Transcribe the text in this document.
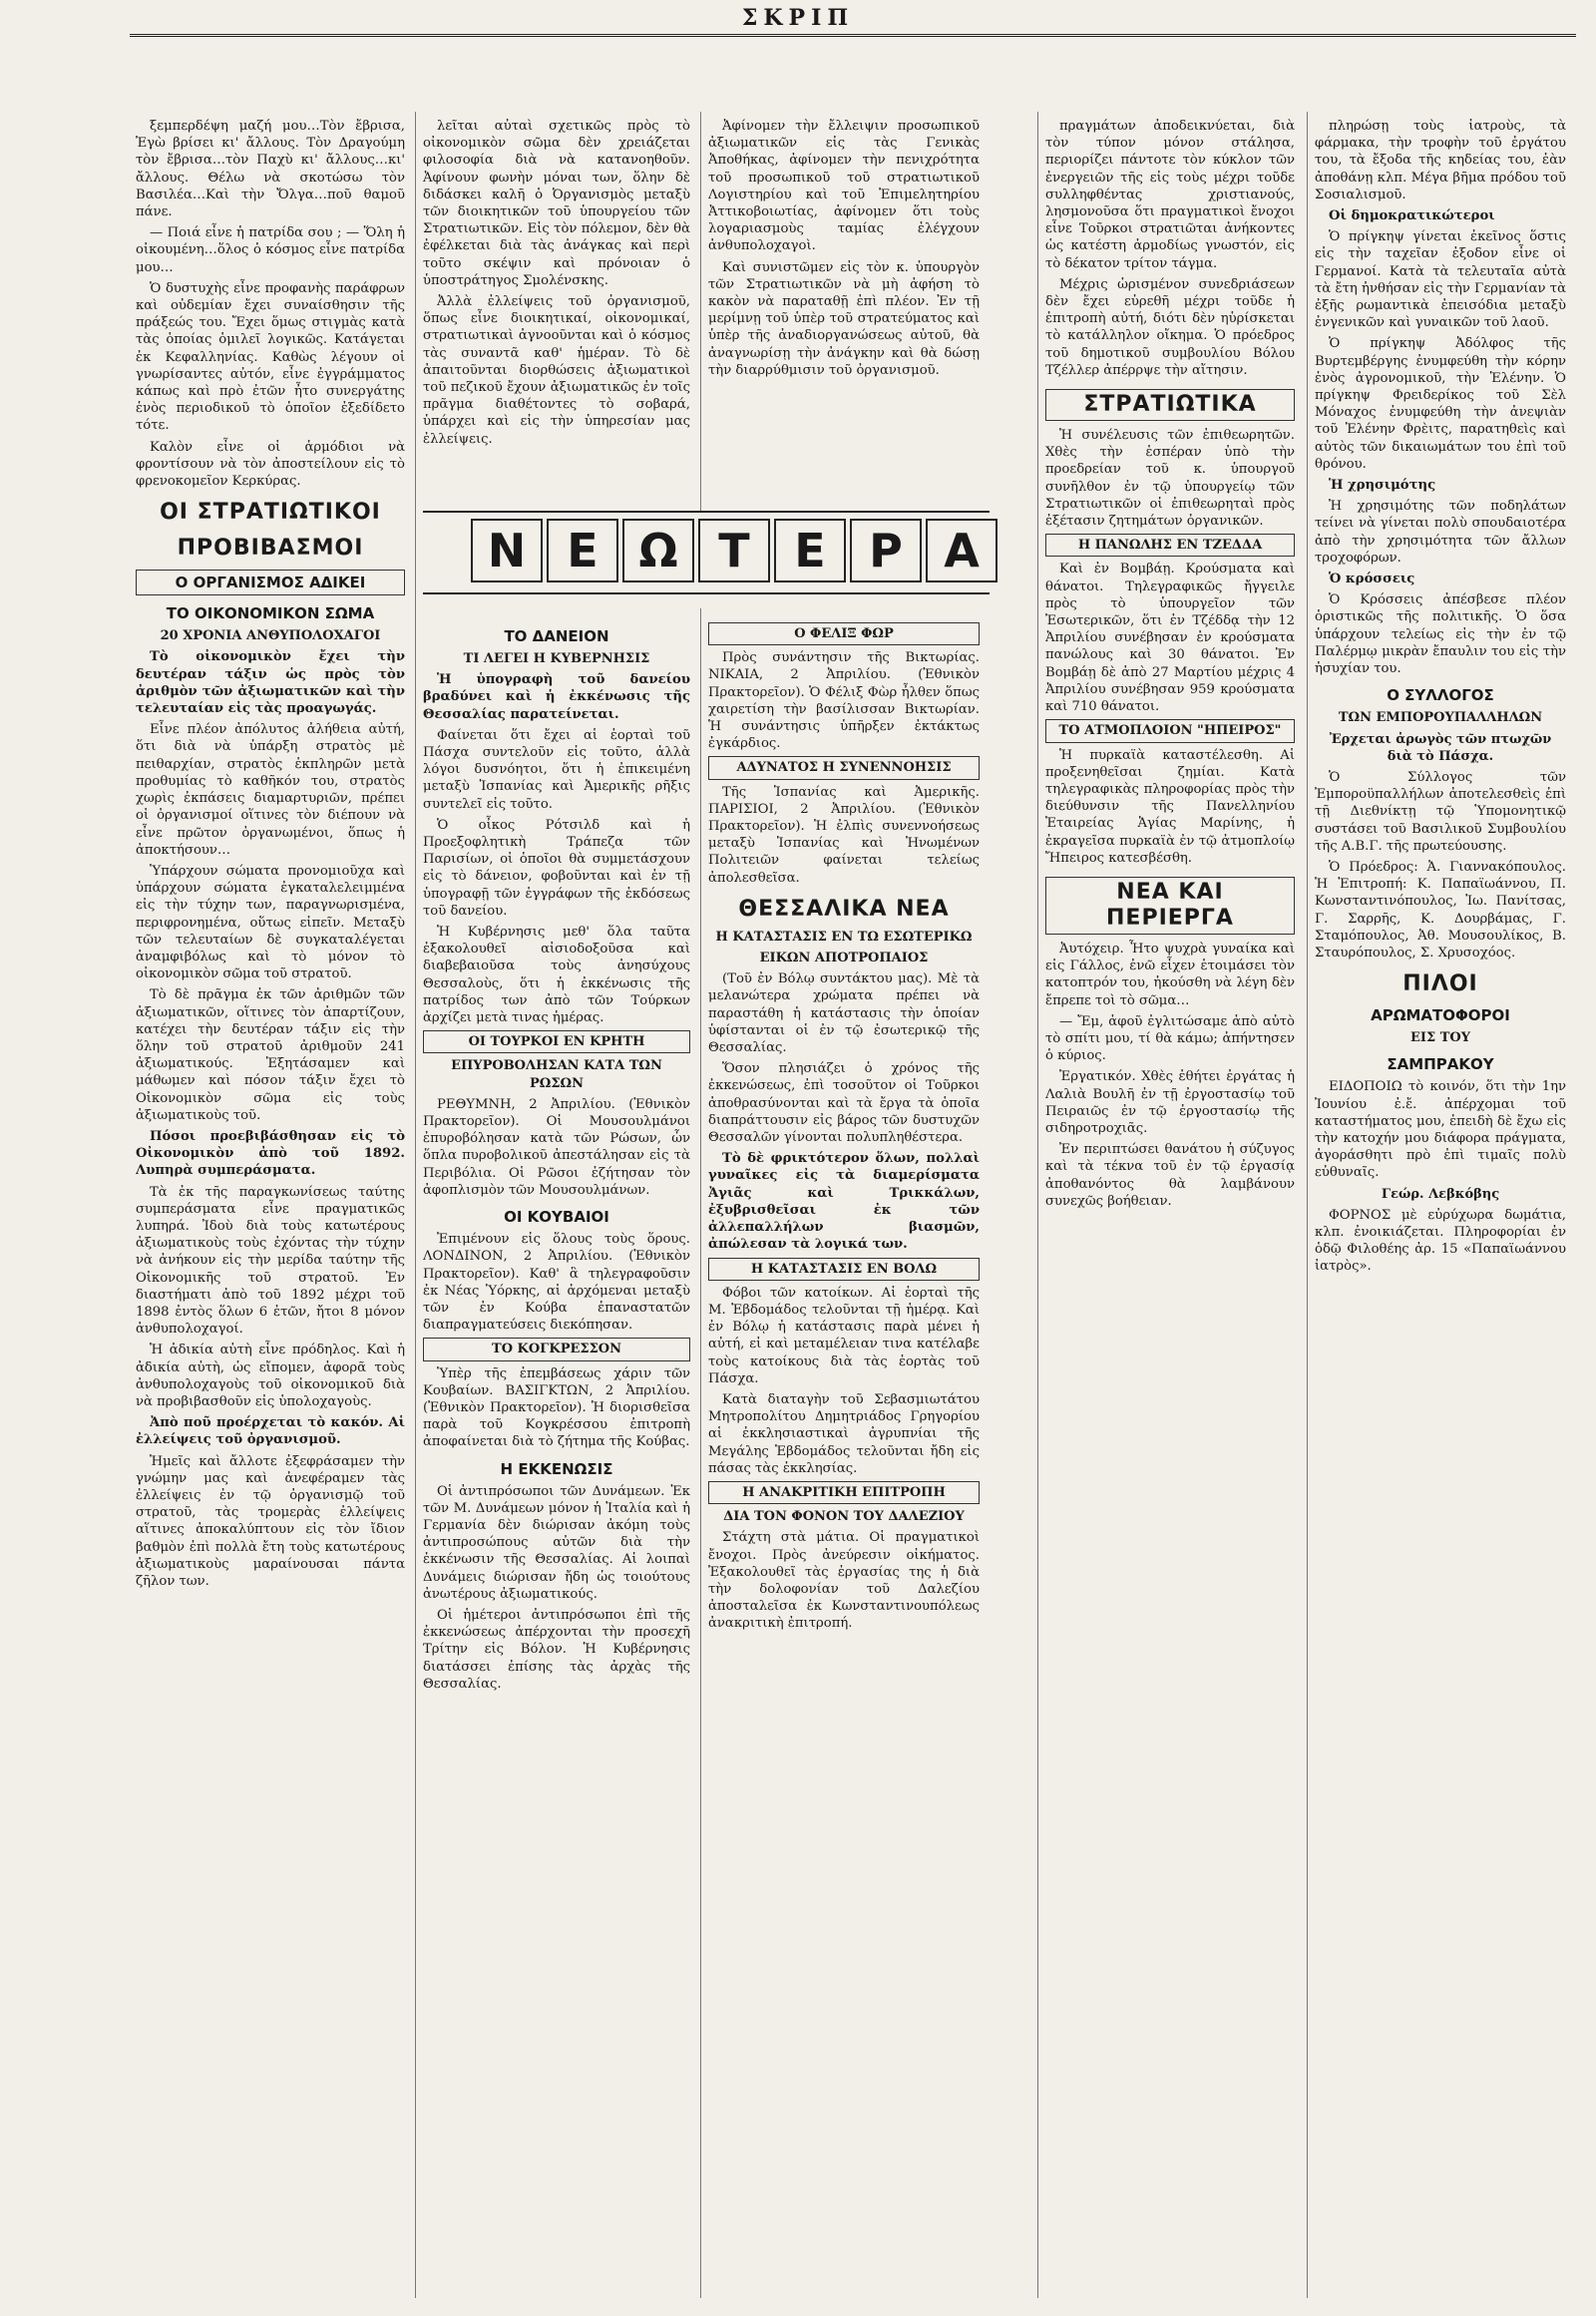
ΣΚΡΙΠ

ξεμπερδέψη μαζή μου…Τὸν ἔβρισα, Ἐγὼ βρίσει κι' ἄλλους. Τὸν Δραγούμη τὸν ἔβρισα…τὸν Παχὺ κι' ἄλλους…κι' ἄλλους. Θέλω νὰ σκοτώσω τὸν Βασιλέα…Καὶ τὴν Ὄλγα…ποῦ θαμοῦ πάνε.

— Ποιά εἶνε ἡ πατρίδα σου ; — Ὅλη ἡ οἰκουμένη…ὅλος ὁ κόσμος εἶνε πατρίδα μου…

Ὁ δυστυχὴς εἶνε προφανὴς παράφρων καὶ οὐδεμίαν ἔχει συναίσθησιν τῆς πράξεώς του. Ἔχει ὅμως στιγμὰς κατὰ τὰς ὁποίας ὁμιλεῖ λογικῶς. Κατάγεται ἐκ Κεφαλληνίας. Καθὼς λέγουν οἱ γνωρίσαντες αὐτόν, εἶνε ἐγγράμματος κάπως καὶ πρὸ ἐτῶν ἦτο συνεργάτης ἑνὸς περιοδικοῦ τὸ ὁποῖον ἐξεδίδετο τότε.

Καλὸν εἶνε οἱ ἁρμόδιοι νὰ φροντίσουν νὰ τὸν ἀποστείλουν εἰς τὸ φρενοκομεῖον Κερκύρας.

ΟΙ ΣΤΡΑΤΙΩΤΙΚΟΙ
ΠΡΟΒΙΒΑΣΜΟΙ
Ο ΟΡΓΑΝΙΣΜΟΣ ΑΔΙΚΕΙ
ΤΟ ΟΙΚΟΝΟΜΙΚΟΝ ΣΩΜΑ
20 ΧΡΟΝΙΑ ΑΝΘΥΠΟΛΟΧΑΓΟΙ

Τὸ οἰκονομικὸν ἔχει τὴν δευτέραν τάξιν ὡς πρὸς τὸν ἀριθμὸν τῶν ἀξιωματικῶν καὶ τὴν τελευταίαν εἰς τὰς προαγωγάς.

Εἶνε πλέον ἀπόλυτος ἀλήθεια αὐτή, ὅτι διὰ νὰ ὑπάρξη στρατὸς μὲ πειθαρχίαν, στρατὸς ἐκπληρῶν μετὰ προθυμίας τὸ καθῆκόν του, στρατὸς χωρὶς ἐκπάσεις διαμαρτυριῶν, πρέπει οἱ ὀργανισμοί οἵτινες τὸν διέπουν νὰ εἶνε πρῶτον ὀργανωμένοι, ὅπως ἡ ἀποκτήσουν…

Ὑπάρχουν σώματα προνομιοῦχα καὶ ὑπάρχουν σώματα ἐγκαταλελειμμένα εἰς τὴν τύχην των, παραγνωρισμένα, περιφρονημένα, οὕτως εἰπεῖν. Μεταξὺ τῶν τελευταίων δὲ συγκαταλέγεται ἀναμφιβόλως καὶ τὸ μόνον τὸ οἰκονομικὸν σῶμα τοῦ στρατοῦ.

Τὸ δὲ πρᾶγμα ἐκ τῶν ἀριθμῶν τῶν ἀξιωματικῶν, οἵτινες τὸν ἀπαρτίζουν, κατέχει τὴν δευτέραν τάξιν εἰς τὴν ὅλην τοῦ στρατοῦ ἀριθμοῦν 241 ἀξιωματικούς. Ἐξητάσαμεν καὶ μάθωμεν καὶ πόσον τάξιν ἔχει τὸ Οἰκονομικὸν σῶμα εἰς τοὺς ἀξιωματικοὺς τοῦ.

Πόσοι προεβιβάσθησαν εἰς τὸ Οἰκονομικὸν ἀπὸ τοῦ 1892. Λυπηρὰ συμπεράσματα.

Τὰ ἐκ τῆς παραγκωνίσεως ταύτης συμπεράσματα εἶνε πραγματικῶς λυπηρά. Ἰδοὺ διὰ τοὺς κατωτέρους ἀξιωματικοὺς τοὺς ἐχόντας τὴν τύχην νὰ ἀνήκουν εἰς τὴν μερίδα ταύτην τῆς Οἰκονομικῆς τοῦ στρατοῦ. Ἐν διαστήματι ἀπὸ τοῦ 1892 μέχρι τοῦ 1898 ἐντὸς ὅλων 6 ἐτῶν, ἤτοι 8 μόνον ἀνθυπολοχαγοί.

Ἡ ἀδικία αὐτὴ εἶνε πρόδηλος. Καὶ ἡ ἀδικία αὐτὴ, ὡς εἴπομεν, ἀφορᾶ τοὺς ἀνθυπολοχαγοὺς τοῦ οἰκονομικοῦ διὰ νὰ προβιβασθοῦν εἰς ὑπολοχαγοὺς.

Ἀπὸ ποῦ προέρχεται τὸ κακόν. Αἱ ἐλλείψεις τοῦ ὀργανισμοῦ.

Ἡμεῖς καὶ ἄλλοτε ἐξεφράσαμεν τὴν γνώμην μας καὶ ἀνεφέραμεν τὰς ἐλλείψεις ἐν τῷ ὀργανισμῷ τοῦ στρατοῦ, τὰς τρομερὰς ἐλλείψεις αἵτινες ἀποκαλύπτουν εἰς τὸν ἴδιον βαθμὸν ἐπὶ πολλὰ ἔτη τοὺς κατωτέρους ἀξιωματικοὺς μαραίνουσαι πάντα ζῆλον των.

λεῖται αὐταὶ σχετικῶς πρὸς τὸ οἰκονομικὸν σῶμα δὲν χρειάζεται φιλοσοφία διὰ νὰ κατανοηθοῦν. Ἀφίνουν φωνὴν μόναι των, ὅλην δὲ διδάσκει καλῆ ὁ Ὀργανισμὸς μεταξὺ τῶν διοικητικῶν τοῦ ὑπουργείου τῶν Στρατιωτικῶν. Εἰς τὸν πόλεμον, δὲν θὰ ἐφέλκεται διὰ τὰς ἀνάγκας καὶ περὶ τοῦτο σκέψιν καὶ πρόνοιαν ὁ ὑποστράτηγος Σμολένσκης.

Ἀλλὰ ἐλλείψεις τοῦ ὀργανισμοῦ, ὅπως εἶνε διοικητικαί, οἰκονομικαί, στρατιωτικαὶ ἀγνοοῦνται καὶ ὁ κόσμος τὰς συναντᾶ καθ' ἡμέραν. Τὸ δὲ ἀπαιτοῦνται διορθώσεις ἀξιωματικοὶ τοῦ πεζικοῦ ἔχουν ἀξιωματικῶς ἐν τοῖς πρᾶγμα διαθέτοντες τὸ σοβαρά, ὑπάρχει καὶ εἰς τὴν ὑπηρεσίαν μας ἐλλείψεις.

Ἀφίνομεν τὴν ἔλλειψιν προσωπικοῦ ἀξιωματικῶν εἰς τὰς Γενικὰς Ἀποθήκας, ἀφίνομεν τὴν πενιχρότητα τοῦ προσωπικοῦ τοῦ στρατιωτικοῦ Λογιστηρίου καὶ τοῦ Ἐπιμελητηρίου Ἀττικοβοιωτίας, ἀφίνομεν ὅτι τοὺς λογαριασμοὺς ταμίας ἐλέγχουν ἀνθυπολοχαγοὶ.

Καὶ συνιστῶμεν εἰς τὸν κ. ὑπουργὸν τῶν Στρατιωτικῶν νὰ μὴ ἀφήση τὸ κακὸν νὰ παραταθῇ ἐπὶ πλέον. Ἐν τῇ μερίμνῃ τοῦ ὑπὲρ τοῦ στρατεύματος καὶ ὑπὲρ τῆς ἀναδιοργανώσεως αὐτοῦ, θὰ ἀναγνωρίσῃ τὴν ἀνάγκην καὶ θὰ δώσῃ τὴν διαρρύθμισιν τοῦ ὀργανισμοῦ.

Ν Ε Ω Τ Ε Ρ Α
ΤΟ ΔΑΝΕΙΟΝ
ΤΙ ΛΕΓΕΙ Η ΚΥΒΕΡΝΗΣΙΣ

Ἡ ὑπογραφὴ τοῦ δανείου βραδύνει καὶ ἡ ἐκκένωσις τῆς Θεσσαλίας παρατείνεται.

Φαίνεται ὅτι ἔχει αἱ ἑορταὶ τοῦ Πάσχα συντελοῦν εἰς τοῦτο, ἀλλὰ λόγοι δυσνόητοι, ὅτι ἡ ἐπικειμένη μεταξὺ Ἱσπανίας καὶ Ἀμερικῆς ρῆξις συντελεῖ εἰς τοῦτο.

Ὁ οἶκος Ρότσιλδ καὶ ἡ Προεξοφλητικὴ Τράπεζα τῶν Παρισίων, οἱ ὁποῖοι θὰ συμμετάσχουν εἰς τὸ δάνειον, φοβοῦνται καὶ ἐν τῇ ὑπογραφῇ τῶν ἐγγράφων τῆς ἐκδόσεως τοῦ δανείου.

Ἡ Κυβέρνησις μεθ' ὅλα ταῦτα ἐξακολουθεῖ αἰσιοδοξοῦσα καὶ διαβεβαιοῦσα τοὺς ἀνησύχους Θεσσαλοὺς, ὅτι ἡ ἐκκένωσις τῆς πατρίδος των ἀπὸ τῶν Τούρκων ἀρχίζει μετὰ τινας ἡμέρας.

ΟΙ ΤΟΥΡΚΟΙ ΕΝ ΚΡΗΤΗ
ΕΠΥΡΟΒΟΛΗΣΑΝ ΚΑΤΑ ΤΩΝ ΡΩΣΩΝ

ΡΕΘΥΜΝΗ, 2 Ἀπριλίου. (Ἐθνικὸν Πρακτορεῖον). Οἱ Μουσουλμάνοι ἐπυροβόλησαν κατὰ τῶν Ρώσων, ὧν ὅπλα πυροβολικοῦ ἀπεστάλησαν εἰς τὰ Περιβόλια. Οἱ Ρῶσοι ἐζήτησαν τὸν ἀφοπλισμὸν τῶν Μουσουλμάνων.

ΟΙ ΚΟΥΒΑΙΟΙ

Ἐπιμένουν εἰς ὅλους τοὺς ὅρους. ΛΟΝΔΙΝΟΝ, 2 Ἀπριλίου. (Ἐθνικὸν Πρακτορεῖον). Καθ' ἃ τηλεγραφοῦσιν ἐκ Νέας Ὑόρκης, αἱ ἀρχόμεναι μεταξὺ τῶν ἐν Κούβα ἐπαναστατῶν διαπραγματεύσεις διεκόπησαν.

ΤΟ ΚΟΓΚΡΕΣΣΟΝ

Ὑπὲρ τῆς ἐπεμβάσεως χάριν τῶν Κουβαίων. ΒΑΣΙΓΚΤΩΝ, 2 Ἀπριλίου. (Ἐθνικὸν Πρακτορεῖον). Ἡ διορισθεῖσα παρὰ τοῦ Κογκρέσσου ἐπιτροπὴ ἀποφαίνεται διὰ τὸ ζήτημα τῆς Κούβας.

Η ΕΚΚΕΝΩΣΙΣ

Οἱ ἀντιπρόσωποι τῶν Δυνάμεων. Ἐκ τῶν Μ. Δυνάμεων μόνον ἡ Ἰταλία καὶ ἡ Γερμανία δὲν διώρισαν ἀκόμη τοὺς ἀντιπροσώπους αὐτῶν διὰ τὴν ἐκκένωσιν τῆς Θεσσαλίας. Αἱ λοιπαὶ Δυνάμεις διώρισαν ἤδη ὡς τοιούτους ἀνωτέρους ἀξιωματικούς.

Οἱ ἡμέτεροι ἀντιπρόσωποι ἐπὶ τῆς ἐκκενώσεως ἀπέρχονται τὴν προσεχῆ Τρίτην εἰς Βόλον. Ἡ Κυβέρνησις διατάσσει ἐπίσης τὰς ἀρχὰς τῆς Θεσσαλίας.

Ο ΦΕΛΙΞ ΦΩΡ

Πρὸς συνάντησιν τῆς Βικτωρίας. ΝΙΚΑΙΑ, 2 Ἀπριλίου. (Ἐθνικὸν Πρακτορεῖον). Ὁ Φέλιξ Φὼρ ἦλθεν ὅπως χαιρετίση τὴν βασίλισσαν Βικτωρίαν. Ἡ συνάντησις ὑπῆρξεν ἐκτάκτως ἐγκάρδιος.

ΑΔΥΝΑΤΟΣ Η ΣΥΝΕΝΝΟΗΣΙΣ

Τῆς Ἱσπανίας καὶ Ἀμερικῆς. ΠΑΡΙΣΙΟΙ, 2 Ἀπριλίου. (Ἐθνικὸν Πρακτορεῖον). Ἡ ἐλπὶς συνεννοήσεως μεταξὺ Ἱσπανίας καὶ Ἡνωμένων Πολιτειῶν φαίνεται τελείως ἀπολεσθεῖσα.

ΘΕΣΣΑΛΙΚΑ ΝΕΑ
Η ΚΑΤΑΣΤΑΣΙΣ ΕΝ ΤΩ ΕΣΩΤΕΡΙΚΩ
ΕΙΚΩΝ ΑΠΟΤΡΟΠΑΙΟΣ

(Τοῦ ἐν Βόλῳ συντάκτου μας). Μὲ τὰ μελανώτερα χρώματα πρέπει νὰ παραστάθη ἡ κατάστασις τὴν ὁποίαν ὑφίστανται οἱ ἐν τῷ ἐσωτερικῷ τῆς Θεσσαλίας.

Ὅσον πλησιάζει ὁ χρόνος τῆς ἐκκενώσεως, ἐπὶ τοσοῦτον οἱ Τοῦρκοι ἀποθρασύνονται καὶ τὰ ἔργα τὰ ὁποῖα διαπράττουσιν εἰς βάρος τῶν δυστυχῶν Θεσσαλῶν γίνονται πολυπληθέστερα.

Τὸ δὲ φρικτότερον ὅλων, πολλαὶ γυναῖκες εἰς τὰ διαμερίσματα Ἀγιᾶς καὶ Τρικκάλων, ἐξυβρισθεῖσαι ἐκ τῶν ἀλλεπαλλήλων βιασμῶν, ἀπώλεσαν τὰ λογικά των.

Η ΚΑΤΑΣΤΑΣΙΣ ΕΝ ΒΟΛΩ

Φόβοι τῶν κατοίκων. Αἱ ἑορταὶ τῆς Μ. Ἑβδομάδος τελοῦνται τῇ ἡμέρᾳ. Καὶ ἐν Βόλῳ ἡ κατάστασις παρὰ μένει ἡ αὐτή, εἰ καὶ μεταμέλειαν τινα κατέλαβε τοὺς κατοίκους διὰ τὰς ἑορτὰς τοῦ Πάσχα.

Κατὰ διαταγὴν τοῦ Σεβασμιωτάτου Μητροπολίτου Δημητριάδος Γρηγορίου αἱ ἐκκλησιαστικαὶ ἀγρυπνίαι τῆς Μεγάλης Ἑβδομάδος τελοῦνται ἤδη εἰς πάσας τὰς ἐκκλησίας.

Η ΑΝΑΚΡΙΤΙΚΗ ΕΠΙΤΡΟΠΗ
ΔΙΑ ΤΟΝ ΦΟΝΟΝ ΤΟΥ ΔΑΛΕΖΙΟΥ

Στάχτη στὰ μάτια. Οἱ πραγματικοὶ ἔνοχοι. Πρὸς ἀνεύρεσιν οἰκήματος. Ἐξακολουθεῖ τὰς ἐργασίας της ἡ διὰ τὴν δολοφονίαν τοῦ Δαλεζίου ἀποσταλεῖσα ἐκ Κωνσταντινουπόλεως ἀνακριτικὴ ἐπιτροπή.

πραγμάτων ἀποδεικνύεται, διὰ τὸν τύπον μόνον στάλησα, περιορίζει πάντοτε τὸν κύκλον τῶν ἐνεργειῶν τῆς εἰς τοὺς μέχρι τοῦδε συλληφθέντας χριστιανούς, λησμονοῦσα ὅτι πραγματικοὶ ἔνοχοι εἶνε Τοῦρκοι στρατιῶται ἀνήκοντες ὡς κατέστη ἁρμοδίως γνωστόν, εἰς τὸ δέκατον τρίτον τάγμα.

Μέχρις ὡρισμένον συνεδριάσεων δὲν ἔχει εὑρεθῆ μέχρι τοῦδε ἡ ἐπιτροπὴ αὐτή, διότι δὲν ηὑρίσκεται τὸ κατάλληλον οἴκημα. Ὁ πρόεδρος τοῦ δημοτικοῦ συμβουλίου Βόλου Τζέλλερ ἀπέρρψε τὴν αἴτησιν.

ΣΤΡΑΤΙΩΤΙΚΑ

Ἡ συνέλευσις τῶν ἐπιθεωρητῶν. Χθὲς τὴν ἑσπέραν ὑπὸ τὴν προεδρείαν τοῦ κ. ὑπουργοῦ συνῆλθον ἐν τῷ ὑπουργείῳ τῶν Στρατιωτικῶν οἱ ἐπιθεωρηταὶ πρὸς ἐξέτασιν ζητημάτων ὀργανικῶν.

Η ΠΑΝΩΛΗΣ ΕΝ ΤΖΕΔΔΑ

Καὶ ἐν Βομβάῃ. Κρούσματα καὶ θάνατοι. Τηλεγραφικῶς ἤγγειλε πρὸς τὸ ὑπουργεῖον τῶν Ἐσωτερικῶν, ὅτι ἐν Τζέδδᾳ τὴν 12 Ἀπριλίου συνέβησαν ἐν κρούσματα πανώλους καὶ 30 θάνατοι. Ἐν Βομβάῃ δὲ ἀπὸ 27 Μαρτίου μέχρις 4 Ἀπριλίου συνέβησαν 959 κρούσματα καὶ 710 θάνατοι.

ΤΟ ΑΤΜΟΠΛΟΙΟΝ "ΗΠΕΙΡΟΣ"

Ἡ πυρκαϊὰ καταστέλεσθη. Αἱ προξενηθεῖσαι ζημίαι. Κατὰ τηλεγραφικὰς πληροφορίας πρὸς τὴν διεύθυνσιν τῆς Πανελληνίου Ἑταιρείας Ἁγίας Μαρίνης, ἡ ἐκραγεῖσα πυρκαϊὰ ἐν τῷ ἀτμοπλοίῳ Ἤπειρος κατεσβέσθη.

ΝΕΑ ΚΑΙ ΠΕΡΙΕΡΓΑ

Ἀυτόχειρ. Ἦτο ψυχρὰ γυναίκα καὶ εἰς Γάλλος, ἐνῶ εἶχεν ἑτοιμάσει τὸν κατοπτρόν του, ἠκούσθη νὰ λέγη δὲν ἔπρεπε τοὶ τὸ σῶμα…

— Ἔμ, ἀφοῦ ἐγλιτώσαμε ἀπὸ αὐτὸ τὸ σπίτι μου, τί θὰ κάμω; ἀπήντησεν ὁ κύριος.

Ἐργατικόν. Χθὲς ἐθήτει ἐργάτας ἡ Λαλιὰ Βουλῆ ἐν τῇ ἐργοστασίῳ τοῦ Πειραιῶς ἐν τῷ ἐργοστασίῳ τῆς σιδηροτροχιᾶς.

Ἐν περιπτώσει θανάτου ἡ σύζυγος καὶ τὰ τέκνα τοῦ ἐν τῷ ἐργασίᾳ ἀποθανόντος θὰ λαμβάνουν συνεχῶς βοήθειαν.

πληρώσῃ τοὺς ἰατροὺς, τὰ φάρμακα, τὴν τροφὴν τοῦ ἐργάτου του, τὰ ἔξοδα τῆς κηδείας του, ἐὰν ἀποθάνῃ κλπ. Μέγα βῆμα πρόδου τοῦ Σοσιαλισμοῦ.

Οἱ δημοκρατικώτεροι

Ὁ πρίγκηψ γίνεται ἐκεῖνος ὅστις εἰς τὴν ταχεῖαν ἐξοδον εἶνε οἱ Γερμανοί. Κατὰ τὰ τελευταῖα αὐτὰ τὰ ἔτη ἠνθήσαν εἰς τὴν Γερμανίαν τὰ ἐξῆς ρωμαντικὰ ἐπεισόδια μεταξὺ ἐνγενικῶν καὶ γυναικῶν τοῦ λαοῦ.

Ὁ πρίγκηψ Ἀδόλφος τῆς Βυρτεμβέργης ἐνυμφεύθη τὴν κόρην ἑνὸς ἀγρονομικοῦ, τὴν Ἑλένην. Ὁ πρίγκηψ Φρειδερίκος τοῦ Σὲλ Μόναχος ἐνυμφεύθη τὴν ἀνεψιὰν τοῦ Ἑλένην Φρὲιτς, παρατηθεὶς καὶ αὐτὸς τῶν δικαιωμάτων του ἐπὶ τοῦ θρόνου.

Ἡ χρησιμότης

Ἡ χρησιμότης τῶν ποδηλάτων τείνει νὰ γίνεται πολὺ σπουδαιοτέρα ἀπὸ τὴν χρησιμότητα τῶν ἄλλων τροχοφόρων.

Ὁ κρόσσεις

Ὁ Κρόσσεις ἀπέσβεσε πλέον ὁριστικῶς τῆς πολιτικῆς. Ὁ ὅσα ὑπάρχουν τελείως εἰς τὴν ἐν τῷ Παλέρμῳ μικρὰν ἔπαυλιν του εἰς τὴν ἡσυχίαν του.

Ο ΣΥΛΛΟΓΟΣ
ΤΩΝ ΕΜΠΟΡΟΥΠΑΛΛΗΛΩΝ
Ἐρχεται ἀρωγὸς τῶν πτωχῶν διὰ τὸ Πάσχα.

Ὁ Σύλλογος τῶν Ἐμποροϋπαλλήλων ἀποτελεσθεὶς ἐπὶ τῇ Διεθνίκτῃ τῷ Ὑπομονητικῷ συστάσει τοῦ Βασιλικοῦ Συμβουλίου τῆς Α.Β.Γ. τῆς πρωτεύουσης.

Ὁ Πρόεδρος: Ἀ. Γιαννακόπουλος. Ἡ Ἐπιτροπή: Κ. Παπαϊωάννου, Π. Κωνσταντινόπουλος, Ἰω. Πανίτσας, Γ. Σαρρῆς, Κ. Δουρβάμας, Γ. Σταμόπουλος, Ἀθ. Μουσουλίκος, Β. Σταυρόπουλος, Σ. Χρυσοχόος.

ΠΙΛΟΙ
ΑΡΩΜΑΤΟΦΟΡΟΙ
ΕΙΣ ΤΟΥ
ΣΑΜΠΡΑΚΟΥ

ΕΙΔΟΠΟΙΩ τὸ κοινόν, ὅτι τὴν 1ην Ἰουνίου ἐ.ἔ. ἀπέρχομαι τοῦ καταστήματος μου, ἐπειδὴ δὲ ἔχω εἰς τὴν κατοχήν μου διάφορα πράγματα, ἀγοράσθητι πρὸ ἐπὶ τιμαῖς πολὺ εὐθυναῖς.

Γεώρ. Λεβκόβης

ΦΟΡΝΟΣ μὲ εὐρύχωρα δωμάτια, κλπ. ἐνοικιάζεται. Πληροφορίαι ἐν ὁδῷ Φιλοθέης ἀρ. 15 «Παπαϊωάννου ἰατρὸς».
